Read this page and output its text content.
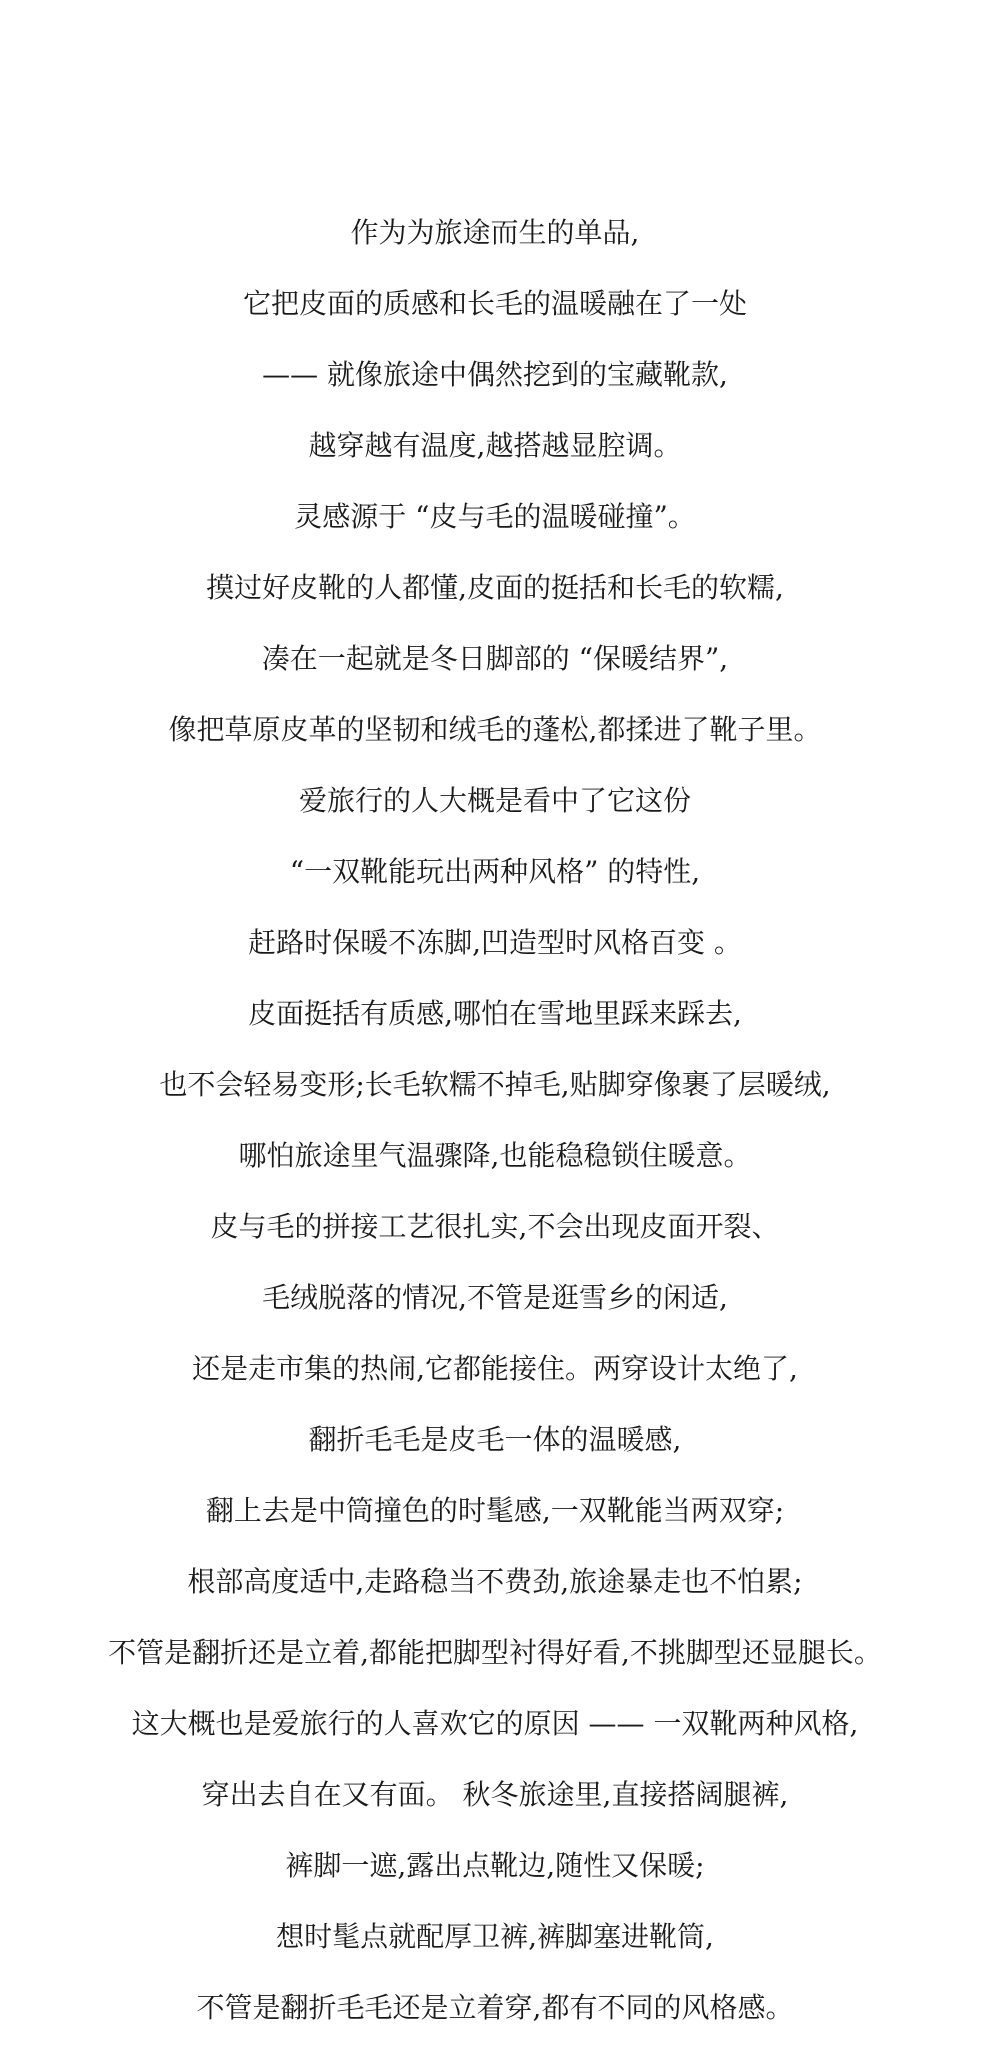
作为为旅途而生的单品,
它把皮面的质感和长毛的温暖融在了一处
—— 就像旅途中偶然挖到的宝藏靴款,
越穿越有温度,越搭越显腔调。
灵感源于 “皮与毛的温暖碰撞”。
摸过好皮靴的人都懂,皮面的挺括和长毛的软糯,
凑在一起就是冬日脚部的 “保暖结界”,
像把草原皮革的坚韧和绒毛的蓬松,都揉进了靴子里。
爱旅行的人大概是看中了它这份
“一双靴能玩出两种风格” 的特性,
赶路时保暖不冻脚,凹造型时风格百变 。
皮面挺括有质感,哪怕在雪地里踩来踩去,
也不会轻易变形;长毛软糯不掉毛,贴脚穿像裹了层暖绒,
哪怕旅途里气温骤降,也能稳稳锁住暖意。
皮与毛的拼接工艺很扎实,不会出现皮面开裂、
毛绒脱落的情况,不管是逛雪乡的闲适,
还是走市集的热闹,它都能接住。两穿设计太绝了,
翻折毛毛是皮毛一体的温暖感,
翻上去是中筒撞色的时髦感,一双靴能当两双穿;
根部高度适中,走路稳当不费劲,旅途暴走也不怕累;
不管是翻折还是立着,都能把脚型衬得好看,不挑脚型还显腿长。
这大概也是爱旅行的人喜欢它的原因 —— 一双靴两种风格,
穿出去自在又有面。 秋冬旅途里,直接搭阔腿裤,
裤脚一遮,露出点靴边,随性又保暖;
想时髦点就配厚卫裤,裤脚塞进靴筒,
不管是翻折毛毛还是立着穿,都有不同的风格感。
